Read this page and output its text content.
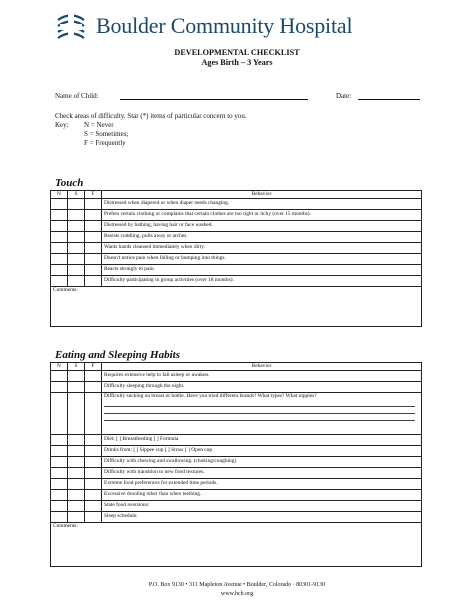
Boulder Community Hospital
DEVELOPMENTAL CHECKLIST
Ages Birth – 3 Years
Name of Child:	Date:
Check areas of difficulty. Star (*) items of particular concern to you.
Key: N = Never
S = Sometimes;
F = Frequently
Touch
N	S	F	Behavior
			Distressed when diapered or when diaper needs changing.
			Prefers certain clothing or complains that certain clothes are too tight or itchy (over 15 months).
			Distressed by bathing, having hair or face washed.
			Resists cuddling, pulls away or arches.
			Wants hands cleansed immediately when dirty.
			Doesn't notice pain when falling or bumping into things.
			Reacts strongly to pain.
			Difficulty participating in group activities (over 18 months).
Comments:			
Eating and Sleeping Habits
N	S	F	Behavior
			Requires extensive help to fall asleep or awaken.
			Difficulty sleeping through the night.

			Difficulty sucking on breast or bottle. Have you tried different brands? What types? What nipples?

			Diet: [ ] Breastfeeding [ ] Formula
			Drinks from: [ ] Sippee cup [ ] Straw [ ] Open cup
			Difficulty with chewing and swallowing. (choking/coughing)
			Difficulty with transition to new food textures.
			Extreme food preferences for extended time periods.
			Excessive drooling other than when teething.
			State food aversions:
			Sleep schedule:
Comments:			
P.O. Box 9130 • 311 Mapleton Avenue • Boulder, Colorado · 80301-9130
www.bch.org
